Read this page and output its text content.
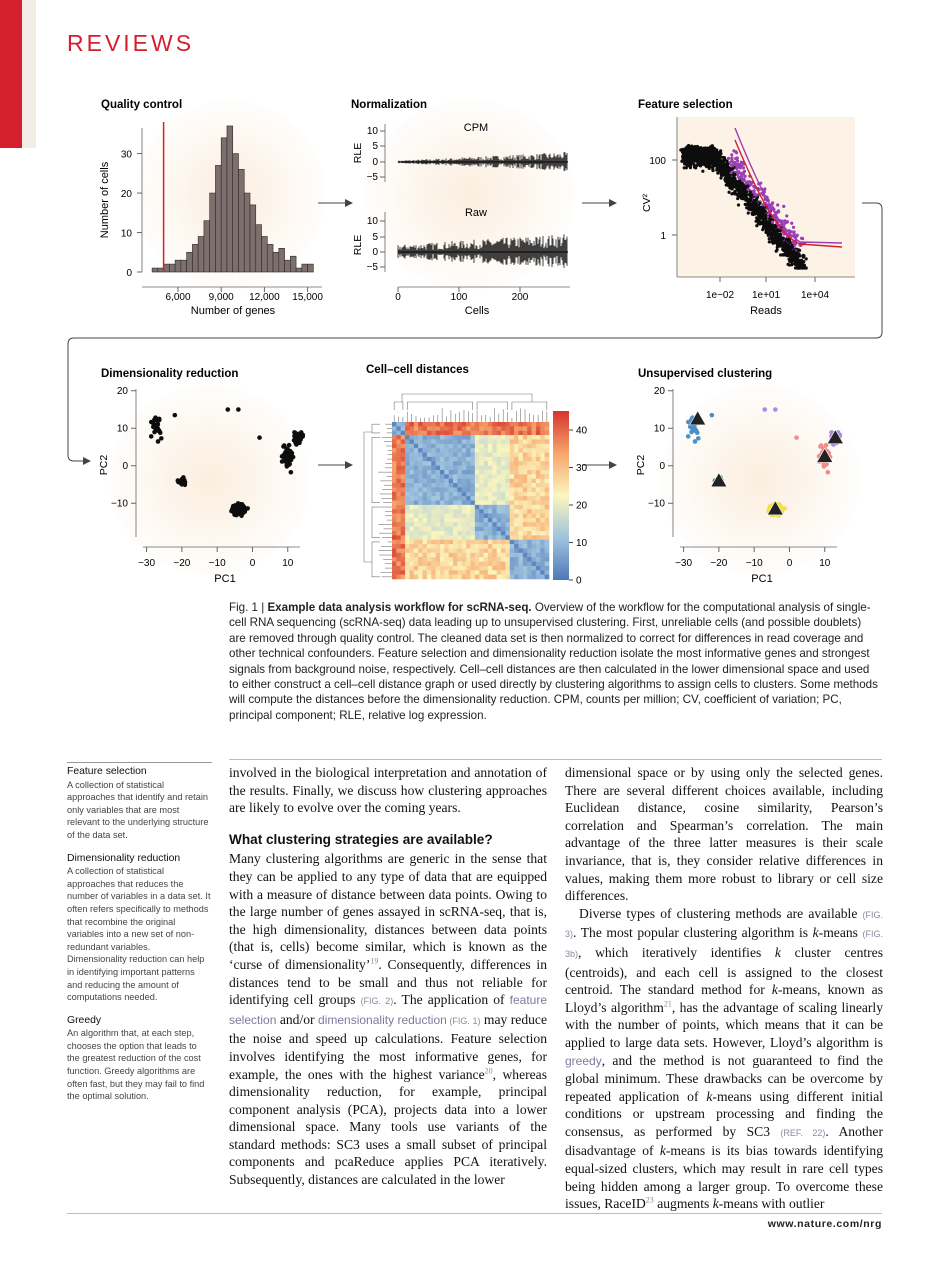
REVIEWS
Quality control	Normalization	Feature selection
Dimensionality reduction	Cell–cell distances	Unsupervised clustering
0
10
20
30
6,000 9,000 12,000 15,000
Number of cells
Number of genes
CPM
Raw
10
5
0
−5
10
5
0
−5
0	100	200
RLE
RLE
Cells
100
1
1e−02 1e+01 1e+04
CV²
Reads
20
10
0
−10
−30 −20 −10 0	10
PC2
PC1
40
30
20
10
0
20
10
0
−10
−30 −20 −10 0	10
PC2
PC1
Fig. 1 | Example data analysis workflow for scRNA-seq. Overview of the workflow for the computational analysis of single-cell RNA sequencing (scRNA-seq) data leading up to unsupervised clustering. First, unreliable cells (and possible doublets) are removed through quality control. The cleaned data set is then normalized to correct for differences in read coverage and other technical confounders. Feature selection and dimensionality reduction isolate the most informative genes and strongest signals from background noise, respectively. Cell–cell distances are then calculated in the lower dimensional space and used to either construct a cell–cell distance graph or used directly by clustering algorithms to assign cells to clusters. Some methods will compute the distances before the dimensionality reduction. CPM, counts per million; CV, coefficient of variation; PC, principal component; RLE, relative log expression.
Feature selection
A collection of statistical approaches that identify and retain only variables that are most relevant to the underlying structure of the data set.
Dimensionality reduction
A collection of statistical approaches that reduces the number of variables in a data set. It often refers specifically to methods that recombine the original variables into a new set of non-redundant variables. Dimensionality reduction can help in identifying important patterns and reducing the amount of computations needed.
Greedy
An algorithm that, at each step, chooses the option that leads to the greatest reduction of the cost function. Greedy algorithms are often fast, but they may fail to find the optimal solution.

involved in the biological interpretation and annotation of the results. Finally, we discuss how clustering approaches are likely to evolve over the coming years.

What clustering strategies are available?

Many clustering algorithms are generic in the sense that they can be applied to any type of data that are equipped with a measure of distance between data points. Owing to the large number of genes assayed in scRNA-seq, that is, the high dimensionality, distances between data points (that is, cells) become similar, which is known as the ‘curse of dimensionality’$^{19}$. Consequently, differences in distances tend to be small and thus not reliable for identifying cell groups (FIG. 2). The application of feature selection and/or dimensionality reduction (FIG. 1) may reduce the noise and speed up calculations. Feature selection involves identifying the most informative genes, for example, the ones with the highest variance$^{20}$, whereas dimensionality reduction, for example, principal component analysis (PCA), projects data into a lower dimensional space. Many tools use variants of the standard methods: SC3 uses a small subset of principal components and pcaReduce applies PCA iteratively. Subsequently, distances are calculated in the lower

dimensional space or by using only the selected genes. There are several different choices available, including Euclidean distance, cosine similarity, Pearson’s correlation and Spearman’s correlation. The main advantage of the three latter measures is their scale invariance, that is, they consider relative differences in values, making them more robust to library or cell size differences.

Diverse types of clustering methods are available (FIG. 3). The most popular clustering algorithm is k-means (FIG. 3b), which iteratively identifies k cluster centres (centroids), and each cell is assigned to the closest centroid. The standard method for k-means, known as Lloyd’s algorithm$^{21}$, has the advantage of scaling linearly with the number of points, which means that it can be applied to large data sets. However, Lloyd’s algorithm is greedy, and the method is not guaranteed to find the global minimum. These drawbacks can be overcome by repeated application of k-means using different initial conditions or upstream processing and finding the consensus, as performed by SC3 (REF. 22). Another disadvantage of k-means is its bias towards identifying equal-sized clusters, which may result in rare cell types being hidden among a larger group. To overcome these issues, RaceID$^{23}$ augments k-means with outlier

www.nature.com/nrg
